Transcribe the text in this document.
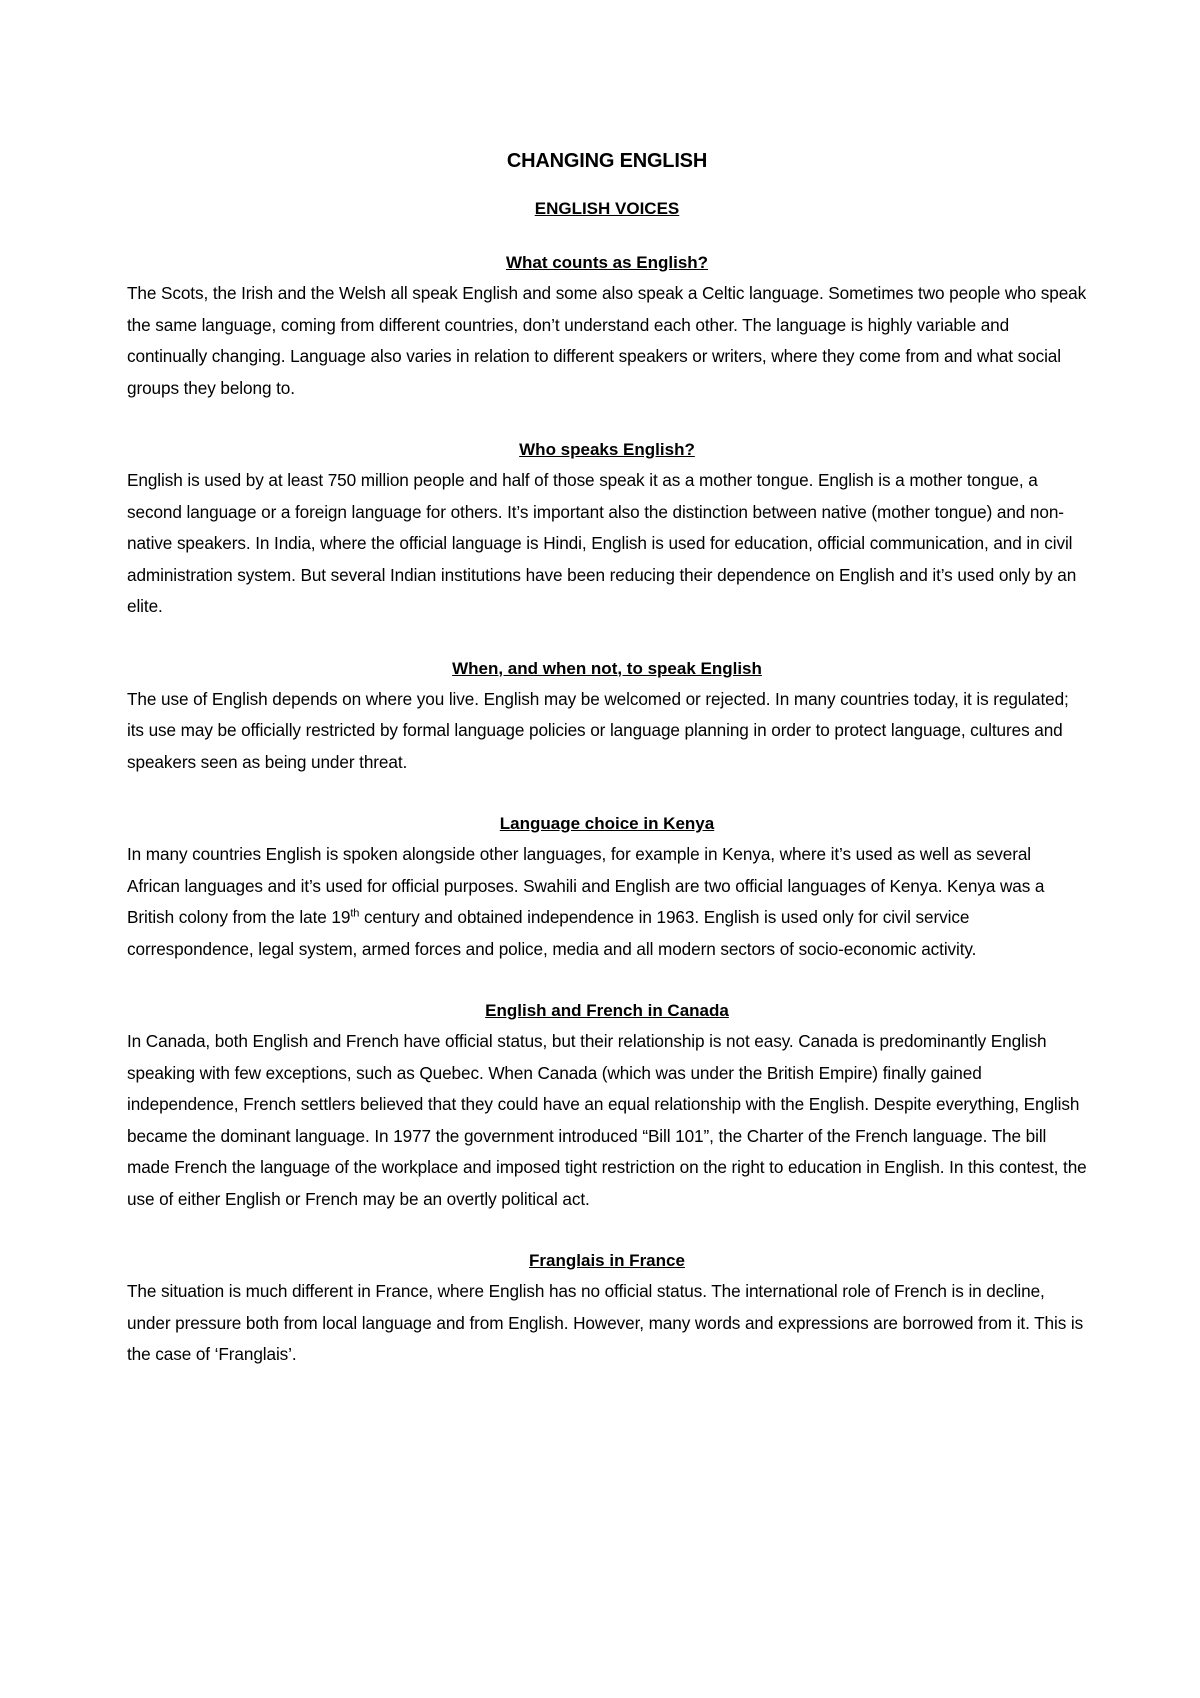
CHANGING ENGLISH
ENGLISH VOICES
What counts as English?

The Scots, the Irish and the Welsh all speak English and some also speak a Celtic language. Sometimes two people who speak the same language, coming from different countries, don’t understand each other. The language is highly variable and continually changing. Language also varies in relation to different speakers or writers, where they come from and what social groups they belong to.

Who speaks English?

English is used by at least 750 million people and half of those speak it as a mother tongue. English is a mother tongue, a second language or a foreign language for others. It’s important also the distinction between native (mother tongue) and non- native speakers. In India, where the official language is Hindi, English is used for education, official communication, and in civil administration system. But several Indian institutions have been reducing their dependence on English and it’s used only by an elite.

When, and when not, to speak English

The use of English depends on where you live. English may be welcomed or rejected. In many countries today, it is regulated; its use may be officially restricted by formal language policies or language planning in order to protect language, cultures and speakers seen as being under threat.

Language choice in Kenya

In many countries English is spoken alongside other languages, for example in Kenya, where it’s used as well as several African languages and it’s used for official purposes. Swahili and English are two official languages of Kenya. Kenya was a British colony from the late 19th century and obtained independence in 1963. English is used only for civil service correspondence, legal system, armed forces and police, media and all modern sectors of socio-economic activity.

English and French in Canada

In Canada, both English and French have official status, but their relationship is not easy. Canada is predominantly English speaking with few exceptions, such as Quebec. When Canada (which was under the British Empire) finally gained independence, French settlers believed that they could have an equal relationship with the English. Despite everything, English became the dominant language. In 1977 the government introduced “Bill 101”, the Charter of the French language. The bill made French the language of the workplace and imposed tight restriction on the right to education in English. In this contest, the use of either English or French may be an overtly political act.

Franglais in France

The situation is much different in France, where English has no official status. The international role of French is in decline, under pressure both from local language and from English. However, many words and expressions are borrowed from it. This is the case of ‘Franglais’.
